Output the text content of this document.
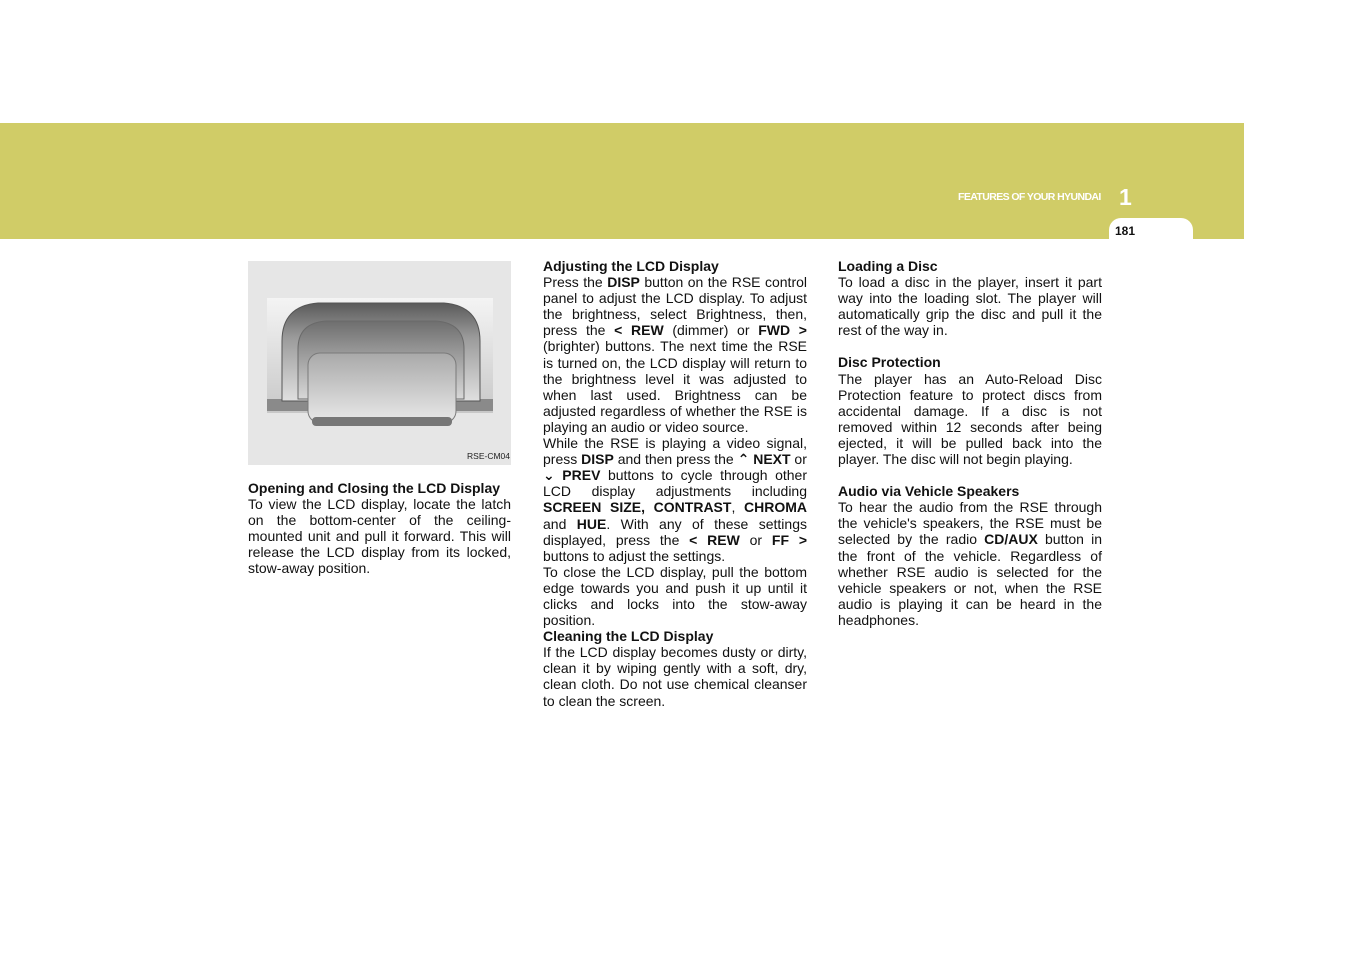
FEATURES OF YOUR HYUNDAI 1
181
RSE-CM04

Opening and Closing the LCD Display

To view the LCD display, locate the latch on the bottom-center of the ceiling-mounted unit and pull it forward. This will release the LCD display from its locked, stow-away position.

Adjusting the LCD Display

Press the DISP button on the RSE control panel to adjust the LCD display. To adjust the brightness, select Brightness, then, press the < REW (dimmer) or FWD > (brighter) buttons. The next time the RSE is turned on, the LCD display will return to the brightness level it was adjusted to when last used. Brightness can be adjusted regardless of whether the RSE is playing an audio or video source.

While the RSE is playing a video signal, press DISP and then press the ⌃ NEXT or
⌄ PREV buttons to cycle through other LCD display adjustments including SCREEN SIZE, CONTRAST, CHROMA and HUE. With any of these settings displayed, press the < REW or FF > buttons to adjust the settings.

To close the LCD display, pull the bottom edge towards you and push it up until it clicks and locks into the stow-away position.

Cleaning the LCD Display

If the LCD display becomes dusty or dirty, clean it by wiping gently with a soft, dry, clean cloth. Do not use chemical cleanser to clean the screen.

Loading a Disc

To load a disc in the player, insert it part way into the loading slot. The player will automatically grip the disc and pull it the rest of the way in.

Disc Protection

The player has an Auto-Reload Disc Protection feature to protect discs from accidental damage. If a disc is not removed within 12 seconds after being ejected, it will be pulled back into the player. The disc will not begin playing.

Audio via Vehicle Speakers

To hear the audio from the RSE through the vehicle's speakers, the RSE must be selected by the radio CD/AUX button in the front of the vehicle. Regardless of whether RSE audio is selected for the vehicle speakers or not, when the RSE audio is playing it can be heard in the headphones.
